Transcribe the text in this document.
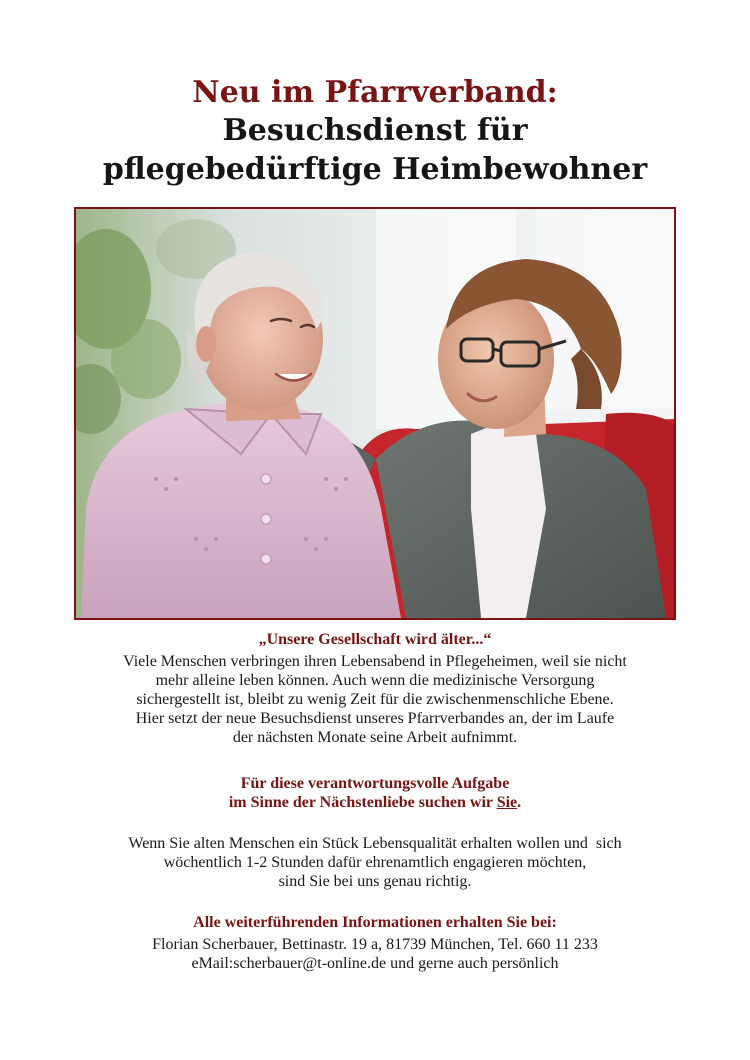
Neu im Pfarrverband:
Besuchsdienst für
pflegebedürftige Heimbewohner
„Unsere Gesellschaft wird älter...“
Viele Menschen verbringen ihren Lebensabend in Pflegeheimen, weil sie nicht
mehr alleine leben können. Auch wenn die medizinische Versorgung
sichergestellt ist, bleibt zu wenig Zeit für die zwischenmenschliche Ebene.
Hier setzt der neue Besuchsdienst unseres Pfarrverbandes an, der im Laufe
der nächsten Monate seine Arbeit aufnimmt.
Für diese verantwortungsvolle Aufgabe
im Sinne der Nächstenliebe suchen wir Sie.
Wenn Sie alten Menschen ein Stück Lebensqualität erhalten wollen und  sich
wöchentlich 1-2 Stunden dafür ehrenamtlich engagieren möchten,
sind Sie bei uns genau richtig.
Alle weiterführenden Informationen erhalten Sie bei:
Florian Scherbauer, Bettinastr. 19 a, 81739 München, Tel. 660 11 233
eMail:scherbauer@t-online.de und gerne auch persönlich
